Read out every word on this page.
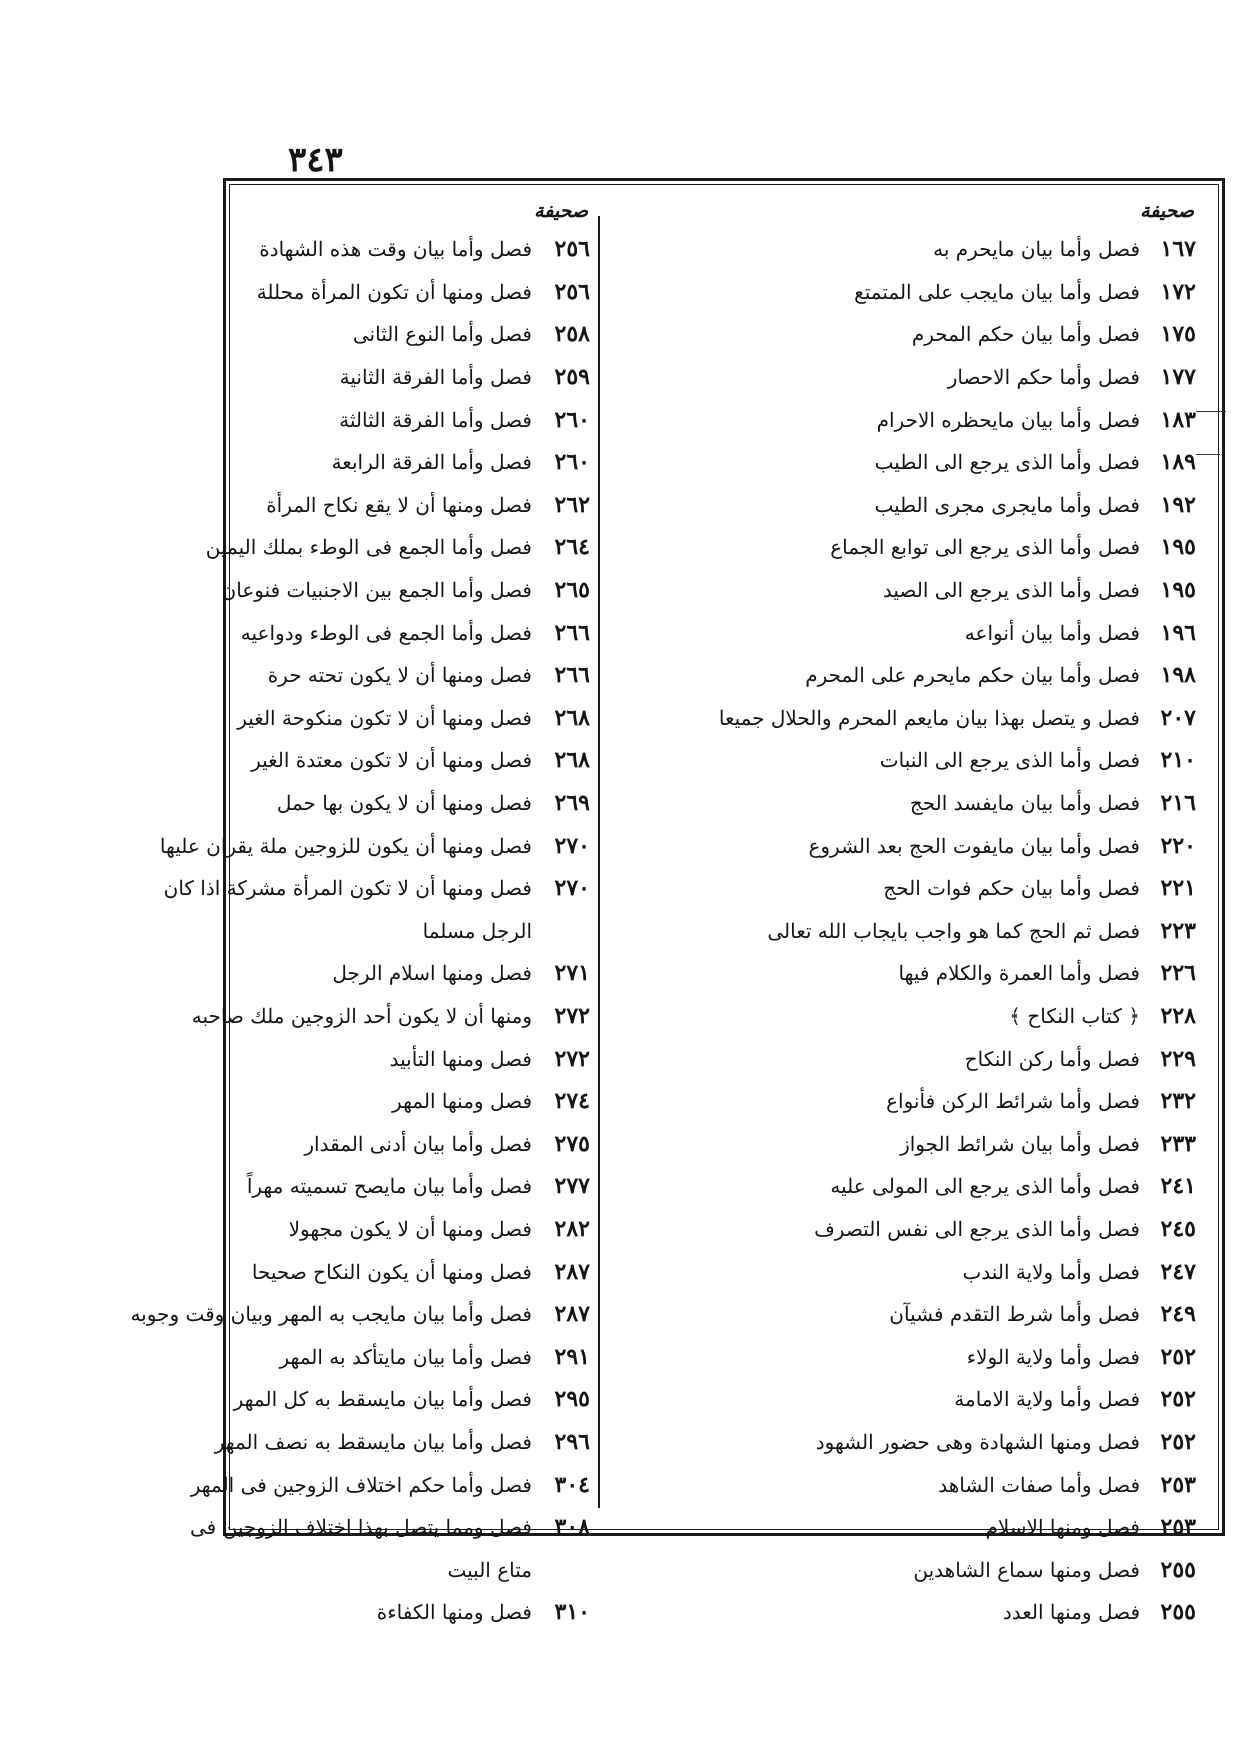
٣٤٣
صحيفة
١٦٧
فصل وأما بيان مايحرم به
١٧٢
فصل وأما بيان مايجب على المتمتع
١٧٥
فصل وأما بيان حكم المحرم
١٧٧
فصل وأما حكم الاحصار
١٨٣
فصل وأما بيان مايحظره الاحرام
١٨٩
فصل وأما الذى يرجع الى الطيب
١٩٢
فصل وأما مايجرى مجرى الطيب
١٩٥
فصل وأما الذى يرجع الى توابع الجماع
١٩٥
فصل وأما الذى يرجع الى الصيد
١٩٦
فصل وأما بيان أنواعه
١٩٨
فصل وأما بيان حكم مايحرم على المحرم
٢٠٧
فصل و يتصل بهذا بيان مايعم المحرم والحلال جميعا
٢١٠
فصل وأما الذى يرجع الى النبات
٢١٦
فصل وأما بيان مايفسد الحج
٢٢٠
فصل وأما بيان مايفوت الحج بعد الشروع
٢٢١
فصل وأما بيان حكم فوات الحج
٢٢٣
فصل ثم الحج كما هو واجب بايجاب الله تعالى
٢٢٦
فصل وأما العمرة والكلام فيها
٢٢٨
﴿ كتاب النكاح ﴾
٢٢٩
فصل وأما ركن النكاح
٢٣٢
فصل وأما شرائط الركن فأنواع
٢٣٣
فصل وأما بيان شرائط الجواز
٢٤١
فصل وأما الذى يرجع الى المولى عليه
٢٤٥
فصل وأما الذى يرجع الى نفس التصرف
٢٤٧
فصل وأما ولاية الندب
٢٤٩
فصل وأما شرط التقدم فشيآن
٢٥٢
فصل وأما ولاية الولاء
٢٥٢
فصل وأما ولاية الامامة
٢٥٢
فصل ومنها الشهادة وهى حضور الشهود
٢٥٣
فصل وأما صفات الشاهد
٢٥٣
فصل ومنها الاسلام
٢٥٥
فصل ومنها سماع الشاهدين
٢٥٥
فصل ومنها العدد
صحيفة
٢٥٦
فصل وأما بيان وقت هذه الشهادة
٢٥٦
فصل ومنها أن تكون المرأة محللة
٢٥٨
فصل وأما النوع الثانى
٢٥٩
فصل وأما الفرقة الثانية
٢٦٠
فصل وأما الفرقة الثالثة
٢٦٠
فصل وأما الفرقة الرابعة
٢٦٢
فصل ومنها أن لا يقع نكاح المرأة
٢٦٤
فصل وأما الجمع فى الوطء بملك اليمين
٢٦٥
فصل وأما الجمع بين الاجنبيات فنوعان
٢٦٦
فصل وأما الجمع فى الوطء ودواعيه
٢٦٦
فصل ومنها أن لا يكون تحته حرة
٢٦٨
فصل ومنها أن لا تكون منكوحة الغير
٢٦٨
فصل ومنها أن لا تكون معتدة الغير
٢٦٩
فصل ومنها أن لا يكون بها حمل
٢٧٠
فصل ومنها أن يكون للزوجين ملة يقران عليها
٢٧٠
فصل ومنها أن لا تكون المرأة مشركة اذا كان
الرجل مسلما
٢٧١
فصل ومنها اسلام الرجل
٢٧٢
ومنها أن لا يكون أحد الزوجين ملك صاحبه
٢٧٢
فصل ومنها التأبيد
٢٧٤
فصل ومنها المهر
٢٧٥
فصل وأما بيان أدنى المقدار
٢٧٧
فصل وأما بيان مايصح تسميته مهراً
٢٨٢
فصل ومنها أن لا يكون مجهولا
٢٨٧
فصل ومنها أن يكون النكاح صحيحا
٢٨٧
فصل وأما بيان مايجب به المهر وبيان وقت وجوبه
٢٩١
فصل وأما بيان مايتأكد به المهر
٢٩٥
فصل وأما بيان مايسقط به كل المهر
٢٩٦
فصل وأما بيان مايسقط به نصف المهر
٣٠٤
فصل وأما حكم اختلاف الزوجين فى المهر
٣٠٨
فصل ومما يتصل بهذا اختلاف الزوجين فى
متاع البيت
٣١٠
فصل ومنها الكفاءة
